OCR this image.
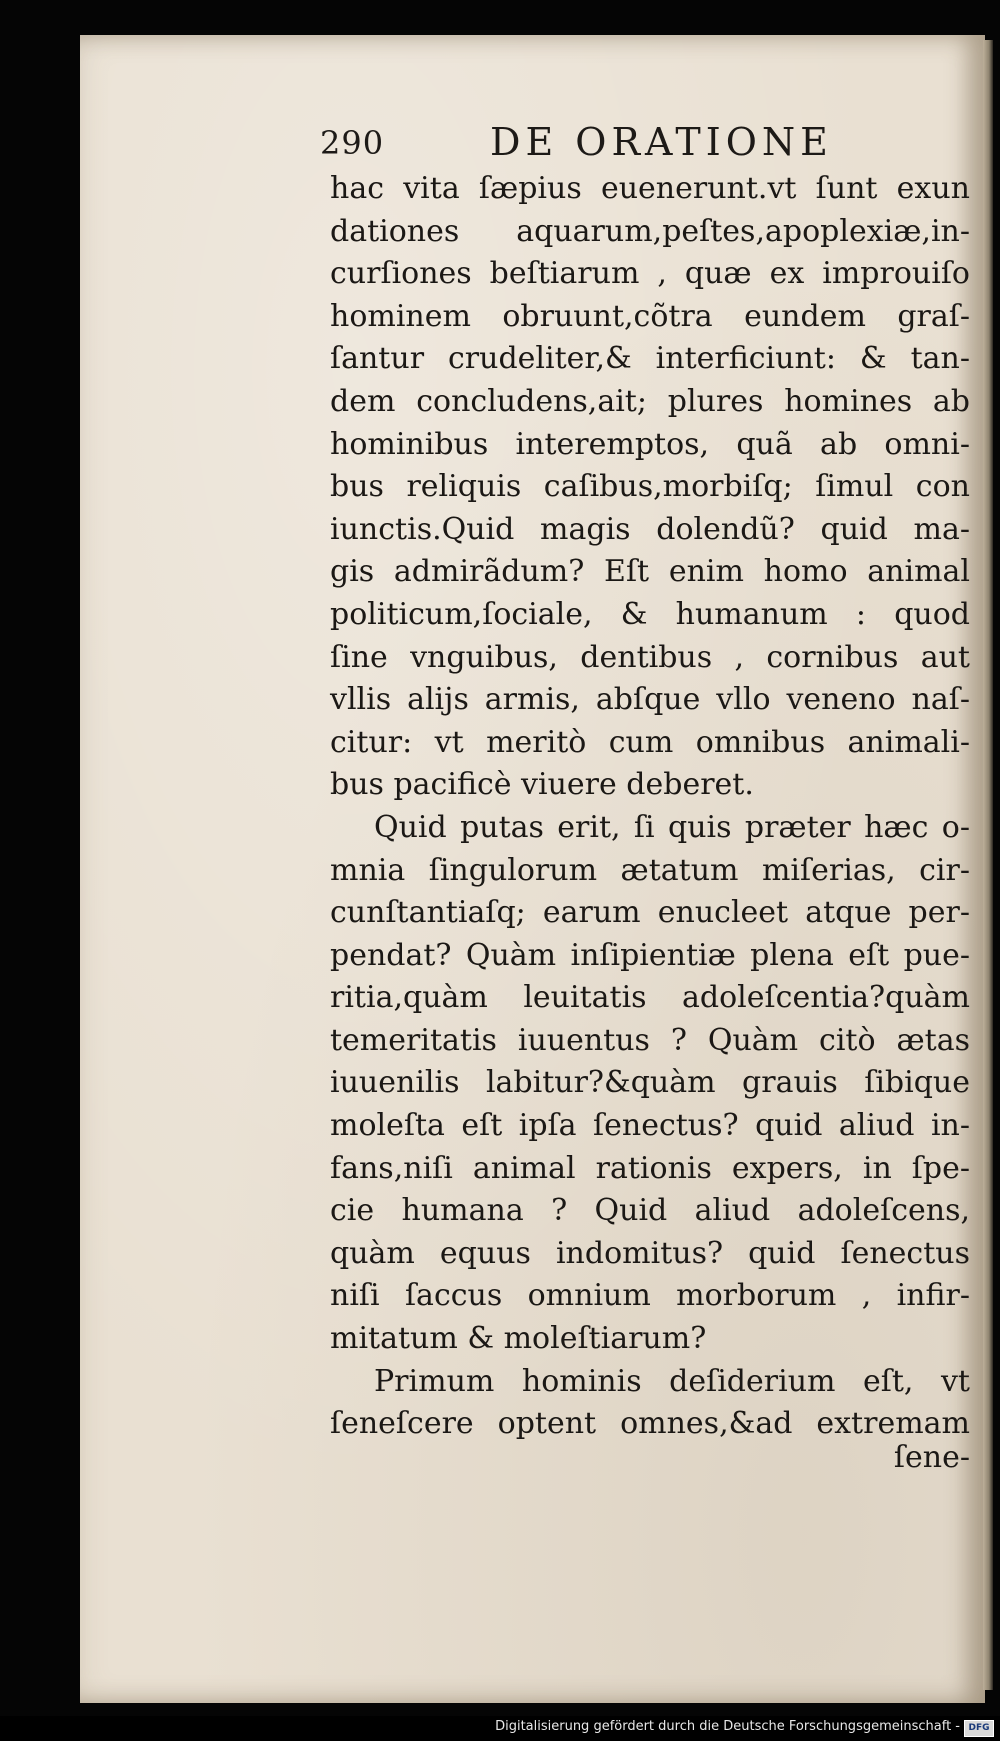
290	DE ORATIONE
hac vita ſæpius euenerunt.vt ſunt exun
dationes aquarum,peſtes,apoplexiæ,in-
curſiones beſtiarum , quæ ex improuiſo
hominem obruunt,cõtra eundem graſ-
ſantur crudeliter,& interficiunt: & tan-
dem concludens,ait; plures homines ab
hominibus interemptos, quã ab omni-
bus reliquis caſibus,morbiſq; ſimul con
iunctis.Quid magis dolendũ? quid ma-
gis admirãdum? Eſt enim homo animal
politicum,ſociale, & humanum : quod
ſine vnguibus, dentibus , cornibus aut
vllis alijs armis, abſque vllo veneno naſ-
citur: vt meritò cum omnibus animali-
bus pacificè viuere deberet.
Quid putas erit, ſi quis præter hæc o-
mnia ſingulorum ætatum miſerias, cir-
cunſtantiaſq; earum enucleet atque per-
pendat? Quàm inſipientiæ plena eſt pue-
ritia,quàm leuitatis adoleſcentia?quàm
temeritatis iuuentus ? Quàm citò ætas
iuuenilis labitur?&quàm grauis ſibique
moleſta eſt ipſa ſenectus? quid aliud in-
fans,niſi animal rationis expers, in ſpe-
cie humana ? Quid aliud adoleſcens,
quàm equus indomitus? quid ſenectus
niſi ſaccus omnium morborum , infir-
mitatum & moleſtiarum?
Primum hominis deſiderium eſt, vt
ſeneſcere optent omnes,&ad extremam
ſene-
Digitalisierung gefördert durch die Deutsche Forschungsgemeinschaft - DFG
